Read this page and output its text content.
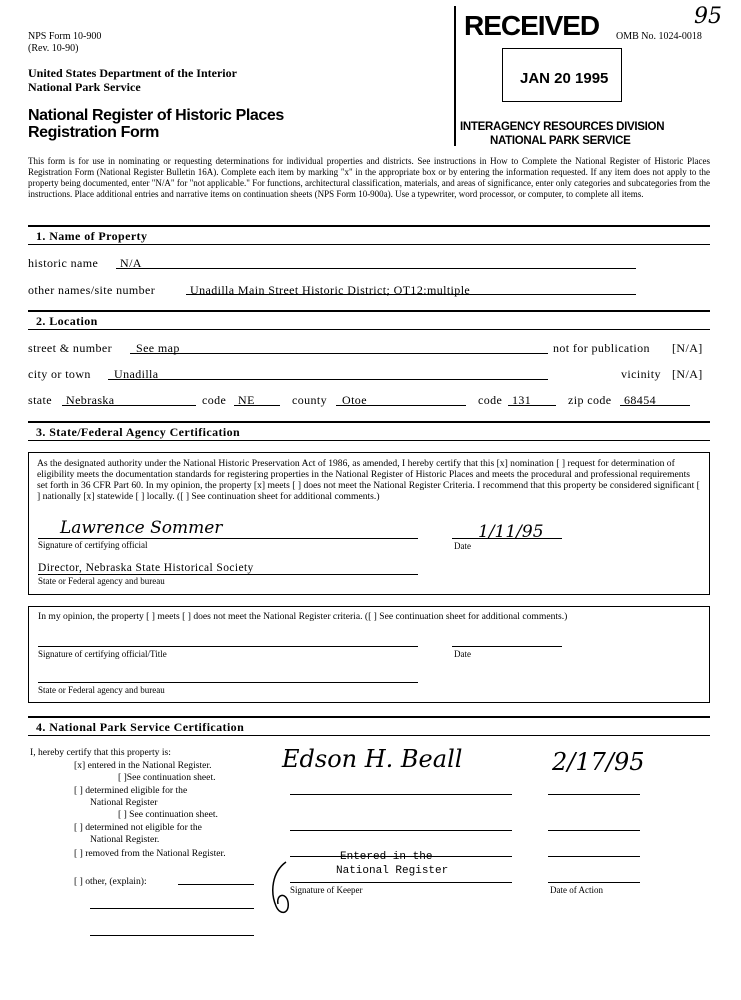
NPS Form 10-900
(Rev. 10-90)
OMB No. 1024-0018
95
United States Department of the Interior
National Park Service
National Register of Historic Places
Registration Form
RECEIVED
JAN 20 1995
INTERAGENCY RESOURCES DIVISION
NATIONAL PARK SERVICE
This form is for use in nominating or requesting determinations for individual properties and districts. See instructions in How to Complete the National Register of Historic Places Registration Form (National Register Bulletin 16A). Complete each item by marking "x" in the appropriate box or by entering the information requested. If any item does not apply to the property being documented, enter "N/A" for "not applicable." For functions, architectural classification, materials, and areas of significance, enter only categories and subcategories from the instructions. Place additional entries and narrative items on continuation sheets (NPS Form 10-900a). Use a typewriter, word processor, or computer, to complete all items.
1. Name of Property
historic name N/A
other names/site number	Unadilla Main Street Historic District; OT12:multiple
2. Location
street & number See map	not for publication [N/A]
city or town Unadilla	vicinity [N/A]
state Nebraska	code NE	county Otoe	code 131	zip code 68454
3. State/Federal Agency Certification
As the designated authority under the National Historic Preservation Act of 1986, as amended, I hereby certify that this [x] nomination [ ] request for determination of eligibility meets the documentation standards for registering properties in the National Register of Historic Places and meets the procedural and professional requirements set forth in 36 CFR Part 60. In my opinion, the property [x] meets [ ] does not meet the National Register Criteria. I recommend that this property be considered significant [ ] nationally [x] statewide [ ] locally. ([ ] See continuation sheet for additional comments.)
Lawrence Sommer
Signature of certifying official	Date
1/11/95
Director, Nebraska State Historical Society
State or Federal agency and bureau
In my opinion, the property [ ] meets [ ] does not meet the National Register criteria. ([ ] See continuation sheet for additional comments.)
Signature of certifying official/Title	Date
State or Federal agency and bureau
4. National Park Service Certification
I, hereby certify that this property is:
[x] entered in the National Register.
[ ]See continuation sheet.
[ ] determined eligible for the
National Register
[ ] See continuation sheet.
[ ] determined not eligible for the
National Register.
[ ] removed from the National Register.
[ ] other, (explain):
Edson H. Beall	2/17/95
Entered in the
National Register
Signature of Keeper	Date of Action
